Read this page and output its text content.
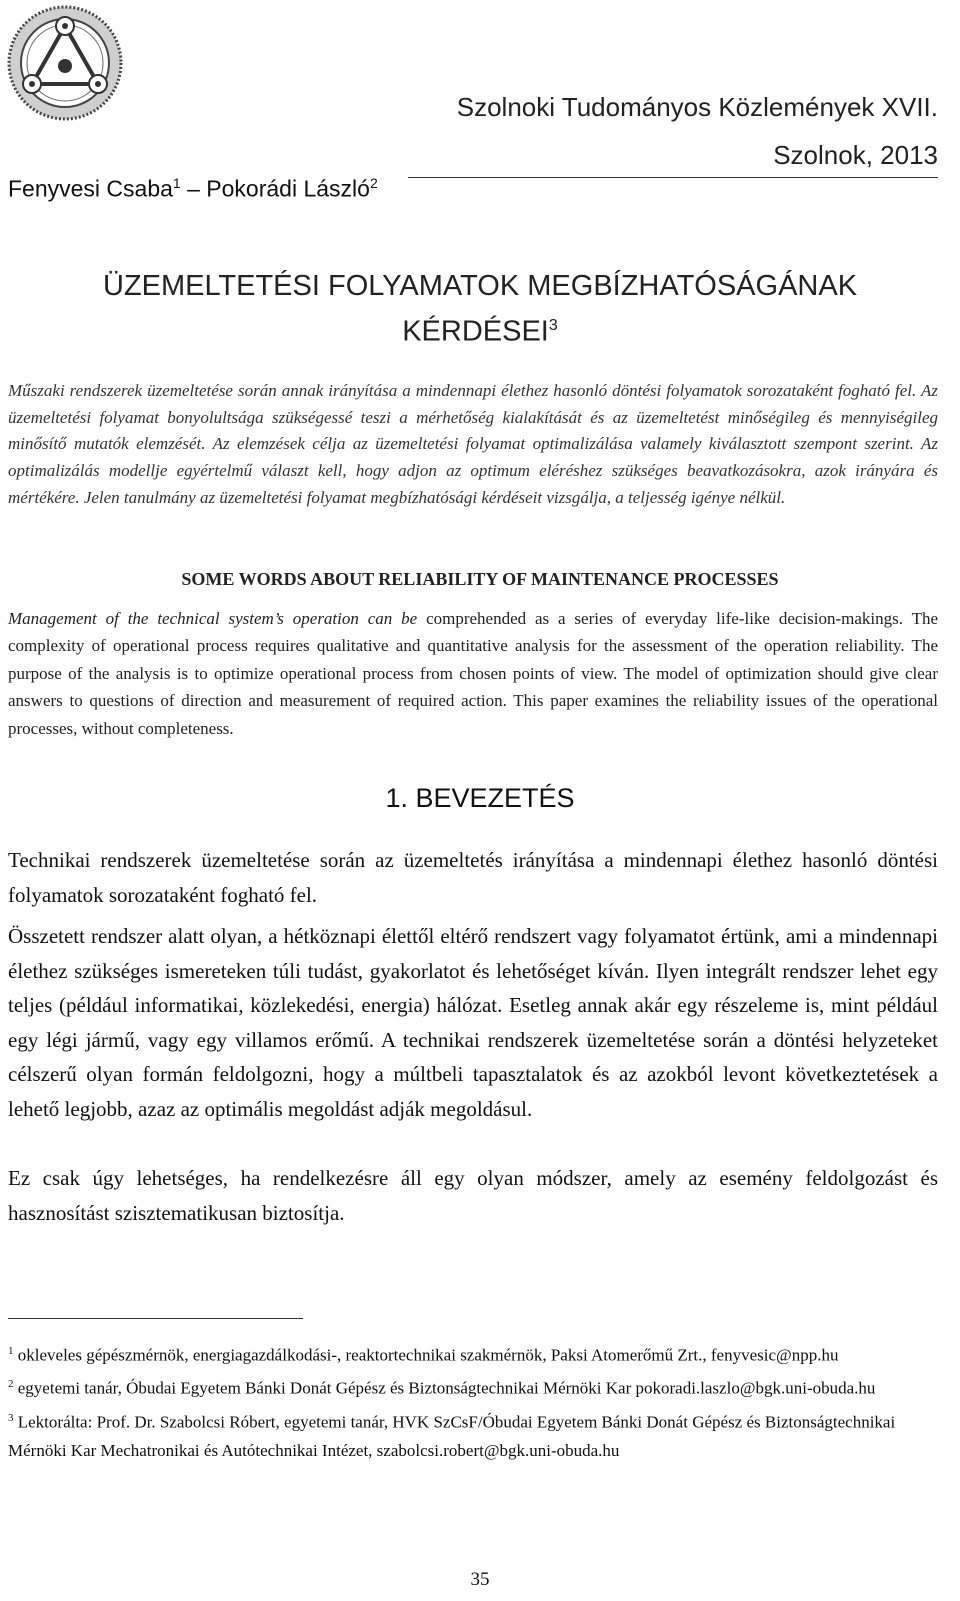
Szolnoki Tudományos Közlemények XVII.
Szolnok, 2013
Fenyvesi Csaba$^1$ – Pokorádi László$^2$
ÜZEMELTETÉSI FOLYAMATOK MEGBÍZHATÓSÁGÁNAK
KÉRDÉSEI$^3$
Műszaki rendszerek üzemeltetése során annak irányítása a mindennapi élethez hasonló döntési folyamatok sorozataként fogható fel. Az üzemeltetési folyamat bonyolultsága szükségessé teszi a mérhetőség kialakítását és az üzemeltetést minőségileg és mennyiségileg minősítő mutatók elemzését. Az elemzések célja az üzemeltetési folyamat optimalizálása valamely kiválasztott szempont szerint. Az optimalizálás modellje egyértelmű választ kell, hogy adjon az optimum eléréshez szükséges beavatkozásokra, azok irányára és mértékére. Jelen tanulmány az üzemeltetési folyamat megbízhatósági kérdéseit vizsgálja, a teljesség igénye nélkül.
SOME WORDS ABOUT RELIABILITY OF MAINTENANCE PROCESSES
Management of the technical system’s operation can be comprehended as a series of everyday life-like decision-makings. The complexity of operational process requires qualitative and quantitative analysis for the assessment of the operation reliability. The purpose of the analysis is to optimize operational process from chosen points of view. The model of optimization should give clear answers to questions of direction and measurement of required action. This paper examines the reliability issues of the operational processes, without completeness.
1. BEVEZETÉS
Technikai rendszerek üzemeltetése során az üzemeltetés irányítása a mindennapi élethez hasonló döntési folyamatok sorozataként fogható fel.
Összetett rendszer alatt olyan, a hétköznapi élettől eltérő rendszert vagy folyamatot értünk, ami a mindennapi élethez szükséges ismereteken túli tudást, gyakorlatot és lehetőséget kíván. Ilyen integrált rendszer lehet egy teljes (például informatikai, közlekedési, energia) hálózat. Esetleg annak akár egy részeleme is, mint például egy légi jármű, vagy egy villamos erőmű. A technikai rendszerek üzemeltetése során a döntési helyzeteket célszerű olyan formán feldolgozni, hogy a múltbeli tapasztalatok és az azokból levont következtetések a lehető legjobb, azaz az optimális megoldást adják megoldásul.
Ez csak úgy lehetséges, ha rendelkezésre áll egy olyan módszer, amely az esemény feldolgozást és hasznosítást szisztematikusan biztosítja.

$^1$ okleveles gépészmérnök, energiagazdálkodási-, reaktortechnikai szakmérnök, Paksi Atomerőmű Zrt., fenyvesic@npp.hu

$^2$ egyetemi tanár, Óbudai Egyetem Bánki Donát Gépész és Biztonságtechnikai Mérnöki Kar pokoradi.laszlo@bgk.uni-obuda.hu

$^3$ Lektorálta: Prof. Dr. Szabolcsi Róbert, egyetemi tanár, HVK SzCsF/Óbudai Egyetem Bánki Donát Gépész és Biztonságtechnikai Mérnöki Kar Mechatronikai és Autótechnikai Intézet, szabolcsi.robert@bgk.uni-obuda.hu

35
